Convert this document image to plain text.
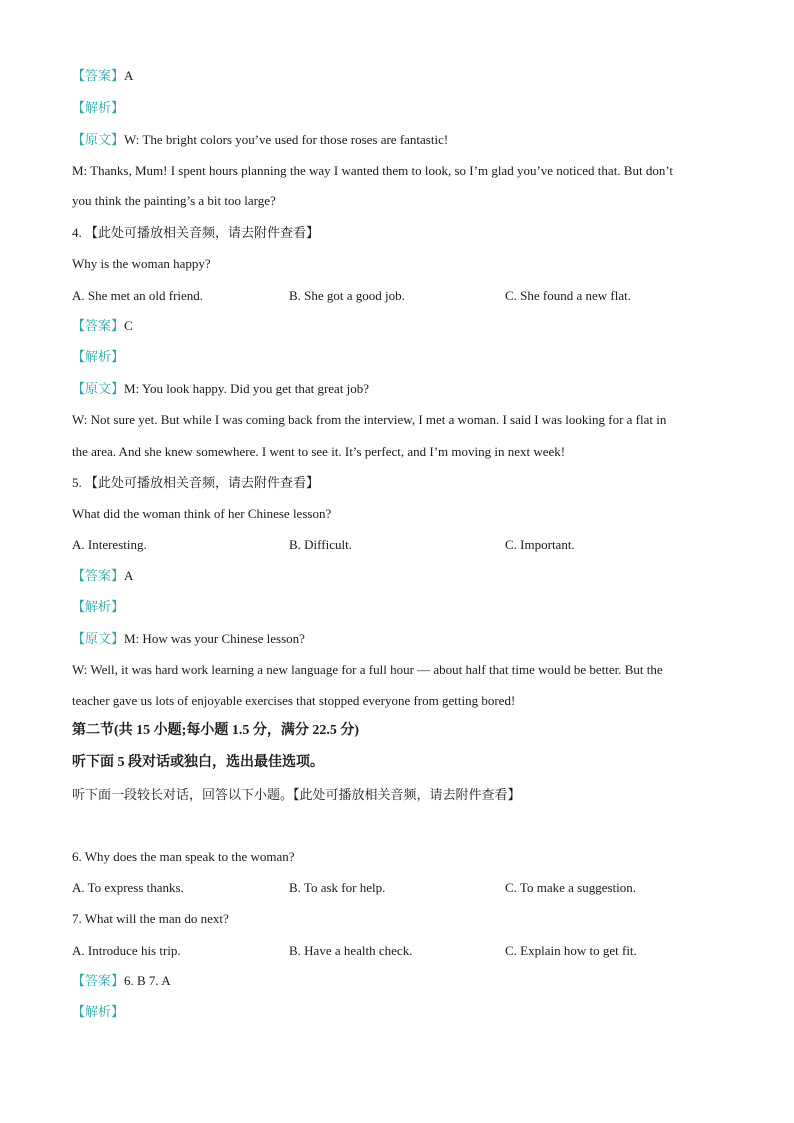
【答案】A
【解析】
【原文】W: The bright colors you’ve used for those roses are fantastic!
M: Thanks, Mum! I spent hours planning the way I wanted them to look, so I’m glad you’ve noticed that. But don’t
you think the painting’s a bit too large?
4. 【此处可播放相关音频，请去附件查看】
Why is the woman happy?
A. She met an old friend.	B. She got a good job.	C. She found a new flat.
【答案】C
【解析】
【原文】M: You look happy. Did you get that great job?
W: Not sure yet. But while I was coming back from the interview, I met a woman. I said I was looking for a flat in
the area. And she knew somewhere. I went to see it. It’s perfect, and I’m moving in next week!
5. 【此处可播放相关音频，请去附件查看】
What did the woman think of her Chinese lesson?
A. Interesting.	B. Difficult.	C. Important.
【答案】A
【解析】
【原文】M: How was your Chinese lesson?
W: Well, it was hard work learning a new language for a full hour — about half that time would be better. But the
teacher gave us lots of enjoyable exercises that stopped everyone from getting bored!
第二节(共 15 小题;每小题 1.5 分，满分 22.5 分)
听下面 5 段对话或独白，选出最佳选项。
听下面一段较长对话，回答以下小题。【此处可播放相关音频，请去附件查看】
6. Why does the man speak to the woman?
A. To express thanks.	B. To ask for help.	C. To make a suggestion.
7. What will the man do next?
A. Introduce his trip.	B. Have a health check.	C. Explain how to get fit.
【答案】6. B 7. A
【解析】
